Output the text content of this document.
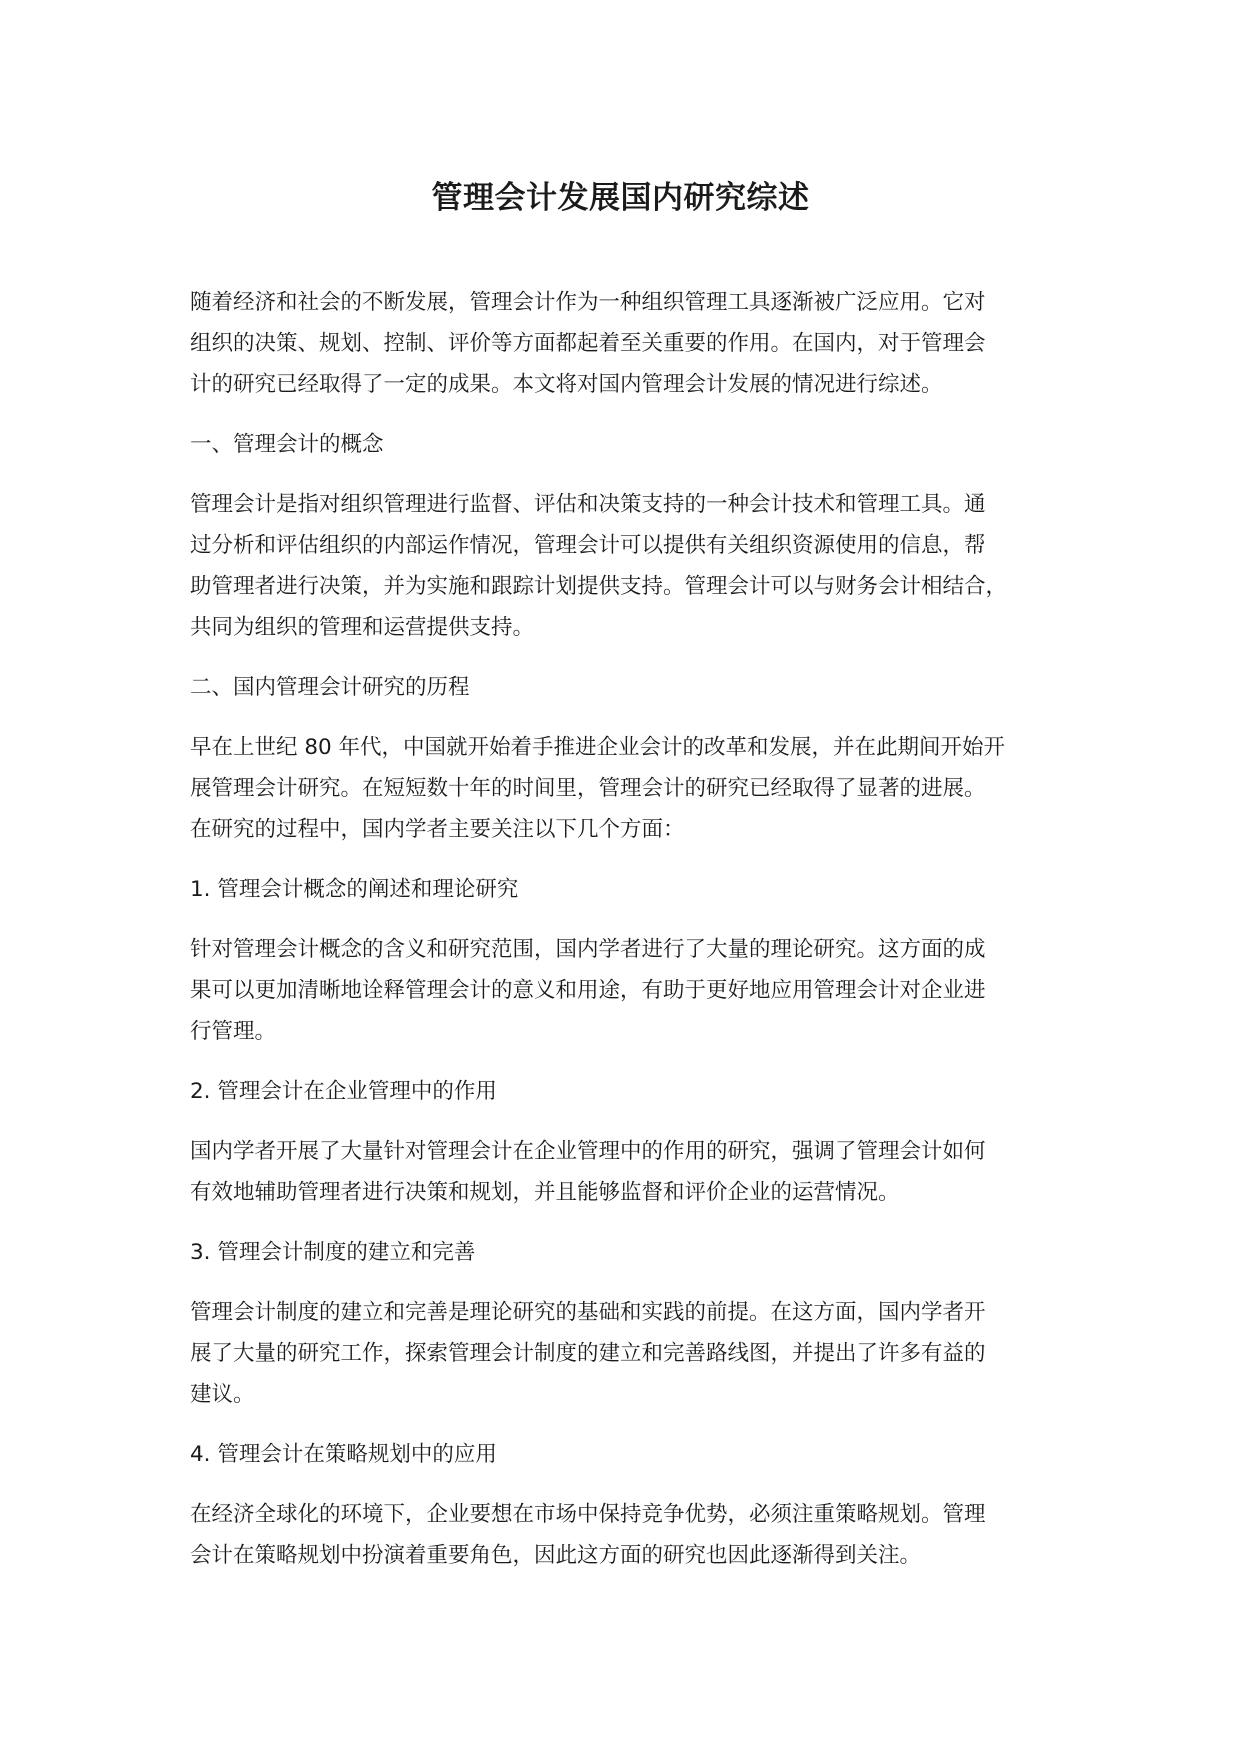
管理会计发展国内研究综述
随着经济和社会的不断发展，管理会计作为一种组织管理工具逐渐被广泛应用。它对
组织的决策、规划、控制、评价等方面都起着至关重要的作用。在国内，对于管理会
计的研究已经取得了一定的成果。本文将对国内管理会计发展的情况进行综述。
一、管理会计的概念
管理会计是指对组织管理进行监督、评估和决策支持的一种会计技术和管理工具。通
过分析和评估组织的内部运作情况，管理会计可以提供有关组织资源使用的信息，帮
助管理者进行决策，并为实施和跟踪计划提供支持。管理会计可以与财务会计相结合，
共同为组织的管理和运营提供支持。
二、国内管理会计研究的历程
早在上世纪 80 年代，中国就开始着手推进企业会计的改革和发展，并在此期间开始开
展管理会计研究。在短短数十年的时间里，管理会计的研究已经取得了显著的进展。
在研究的过程中，国内学者主要关注以下几个方面：
1. 管理会计概念的阐述和理论研究
针对管理会计概念的含义和研究范围，国内学者进行了大量的理论研究。这方面的成
果可以更加清晰地诠释管理会计的意义和用途，有助于更好地应用管理会计对企业进
行管理。
2. 管理会计在企业管理中的作用
国内学者开展了大量针对管理会计在企业管理中的作用的研究，强调了管理会计如何
有效地辅助管理者进行决策和规划，并且能够监督和评价企业的运营情况。
3. 管理会计制度的建立和完善
管理会计制度的建立和完善是理论研究的基础和实践的前提。在这方面，国内学者开
展了大量的研究工作，探索管理会计制度的建立和完善路线图，并提出了许多有益的
建议。
4. 管理会计在策略规划中的应用
在经济全球化的环境下，企业要想在市场中保持竞争优势，必须注重策略规划。管理
会计在策略规划中扮演着重要角色，因此这方面的研究也因此逐渐得到关注。
